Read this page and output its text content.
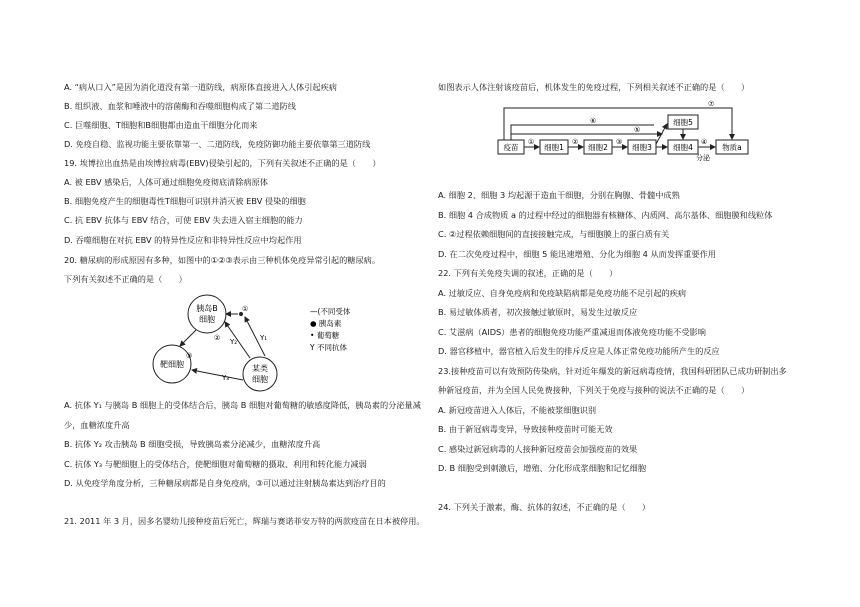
A. “病从口入”是因为消化道没有第一道防线，病原体直接进入人体引起疾病
B. 组织液、血浆和唾液中的溶菌酶和吞噬细胞构成了第二道防线
C. 巨噬细胞、T细胞和B细胞都由造血干细胞分化而来
D. 免疫自稳、监视功能主要依靠第一、二道防线，免疫防御功能主要依靠第三道防线
19. 埃博拉出血热是由埃博拉病毒(EBV)侵染引起的，下列有关叙述不正确的是（　　）
A. 被 EBV 感染后，人体可通过细胞免疫彻底清除病原体
B. 细胞免疫产生的细胞毒性T细胞可识别并消灭被 EBV 侵染的细胞
C. 抗 EBV 抗体与 EBV 结合，可使 EBV 失去进入宿主细胞的能力
D. 吞噬细胞在对抗 EBV 的特异性反应和非特异性反应中均起作用
20. 糖尿病的形成原因有多种，如图中的①②③表示由三种机体免疫异常引起的糖尿病。
下列有关叙述不正确的是（　　）
胰岛B
细胞
靶细胞	某类
细胞
①
②
③
Y₁
Y₂
Y₃
—(不同受体
● 胰岛素
• 葡萄糖
Y 不同抗体
A. 抗体 Y₁ 与胰岛 B 细胞上的受体结合后，胰岛 B 细胞对葡萄糖的敏感度降低，胰岛素的分泌量减
少，血糖浓度升高
B. 抗体 Y₂ 攻击胰岛 B 细胞受损，导致胰岛素分泌减少，血糖浓度升高
C. 抗体 Y₃ 与靶细胞上的受体结合，使靶细胞对葡萄糖的摄取、利用和转化能力减弱
D. 从免疫学角度分析，三种糖尿病都是自身免疫病，③可以通过注射胰岛素达到治疗目的
21. 2011 年 3 月，因多名婴幼儿接种疫苗后死亡，辉瑞与赛诺菲安万特的两款疫苗在日本被停用。
如图表示人体注射该疫苗后，机体发生的免疫过程，下列相关叙述不正确的是（　　）
疫苗	细胞1	细胞2	细胞3
细胞5
细胞4	物质a
①	②	③	④
分泌
⑤
⑥
⑦
A. 细胞 2、细胞 3 均起源于造血干细胞，分别在胸腺、骨髓中成熟
B. 细胞 4 合成物质 a 的过程中经过的细胞器有核糖体、内质网、高尔基体、细胞膜和线粒体
C. ②过程依赖细胞间的直接接触完成，与细胞膜上的蛋白质有关
D. 在二次免疫过程中，细胞 5 能迅速增殖、分化为细胞 4 从而发挥重要作用
22. 下列有关免疫失调的叙述，正确的是（　　）
A. 过敏反应、自身免疫病和免疫缺陷病都是免疫功能不足引起的疾病
B. 易过敏体质者，初次接触过敏原时，易发生过敏反应
C. 艾滋病（AIDS）患者的细胞免疫功能严重减退而体液免疫功能不受影响
D. 器官移植中，器官植入后发生的排斥反应是人体正常免疫功能所产生的反应
23.接种疫苗可以有效预防传染病，针对近年爆发的新冠病毒疫情，我国科研团队已成功研制出多
种新冠疫苗，并为全国人民免费接种，下列关于免疫与接种的说法不正确的是（　　）
A. 新冠疫苗进入人体后，不能被浆细胞识别
B. 由于新冠病毒变异，导致接种疫苗时可能无效
C. 感染过新冠病毒的人接种新冠疫苗会加强疫苗的效果
D. B 细胞受到刺激后，增殖、分化形成浆细胞和记忆细胞
24. 下列关于激素，酶、抗体的叙述，不正确的是（　　）
